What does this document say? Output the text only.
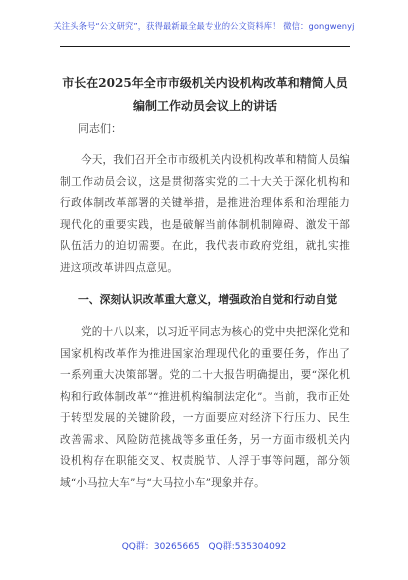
关注头条号“公文研究”，获得最新最全最专业的公文资料库！ 微信：gongwenyj
市长在2025年全市市级机关内设机构改革和精简人员编制工作动员会议上的讲话
同志们：
今天，我们召开全市市级机关内设机构改革和精简人员编制工作动员会议，这是贯彻落实党的二十大关于深化机构和行政体制改革部署的关键举措，是推进治理体系和治理能力现代化的重要实践，也是破解当前体制机制障碍、激发干部队伍活力的迫切需要。在此，我代表市政府党组，就扎实推进这项改革讲四点意见。
一、深刻认识改革重大意义，增强政治自觉和行动自觉
党的十八以来，以习近平同志为核心的党中央把深化党和国家机构改革作为推进国家治理现代化的重要任务，作出了一系列重大决策部署。党的二十大报告明确提出，要“深化机构和行政体制改革”“推进机构编制法定化”。当前，我市正处于转型发展的关键阶段，一方面要应对经济下行压力、民生改善需求、风险防范挑战等多重任务，另一方面市级机关内设机构存在职能交叉、权责脱节、人浮于事等问题，部分领域“小马拉大车”与“大马拉小车”现象并存。
QQ群：30265665 QQ群:535304092
